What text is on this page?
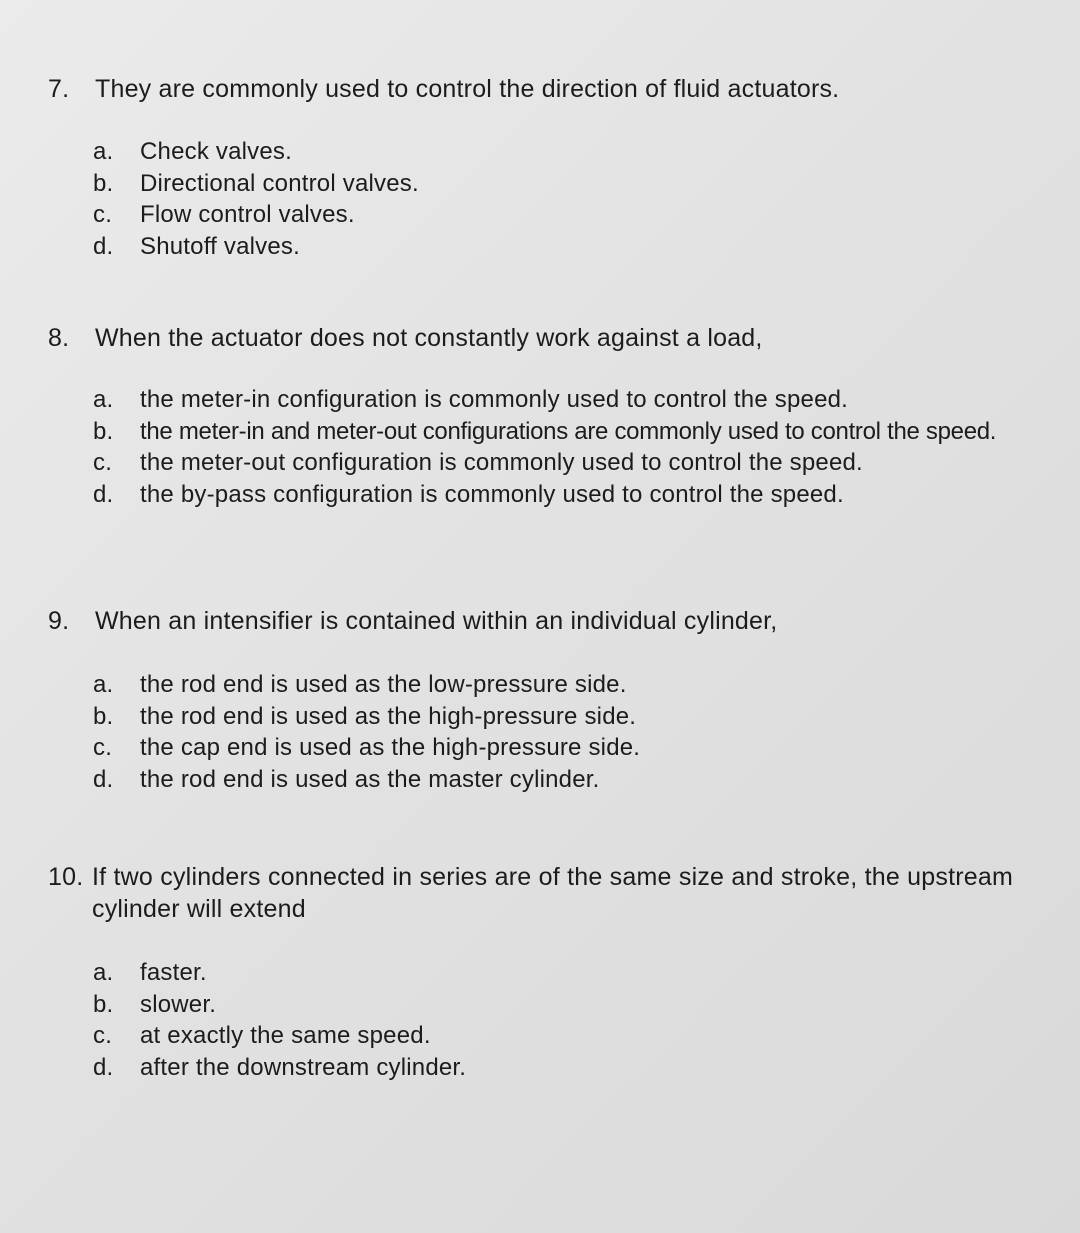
7.	They are commonly used to control the direction of fluid actuators.
a.	Check valves.
b.	Directional control valves.
c.	Flow control valves.
d.	Shutoff valves.
8.	When the actuator does not constantly work against a load,
a.	the meter-in configuration is commonly used to control the speed.
b.	the meter-in and meter-out configurations are commonly used to control the speed.
c.	the meter-out configuration is commonly used to control the speed.
d.	the by-pass configuration is commonly used to control the speed.
9.	When an intensifier is contained within an individual cylinder,
a.	the rod end is used as the low-pressure side.
b.	the rod end is used as the high-pressure side.
c.	the cap end is used as the high-pressure side.
d.	the rod end is used as the master cylinder.
10. If two cylinders connected in series are of the same size and stroke, the upstream cylinder will extend
a.	faster.
b.	slower.
c.	at exactly the same speed.
d.	after the downstream cylinder.
